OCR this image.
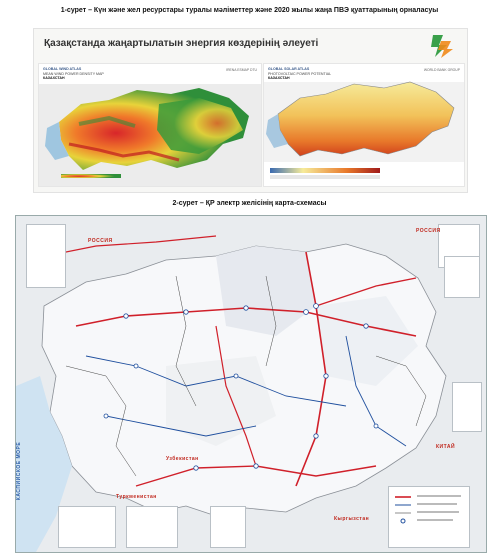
1-сурет – Күн және жел ресурстары туралы мәліметтер және 2020 жылы жаңа ПВЭ қуаттарының орналасуы
Қазақстанда жаңартылатын энергия көздерінің әлеуеті
GLOBAL WIND ATLAS
MEAN WIND POWER DENSITY MAP
КАЗАХСТАН
IRENA ESMAP DTU	GLOBAL SOLAR ATLAS
PHOTOVOLTAIC POWER POTENTIAL
КАЗАХСТАН
WORLD BANK GROUP
2-сурет – ҚР электр желісінің карта-схемасы
РОССИЯ
РОССИЯ
Узбекистан
Кыргызстан
КИТАЙ
Туркменистан
КАСПИЙСКОЕ МОРЕ
